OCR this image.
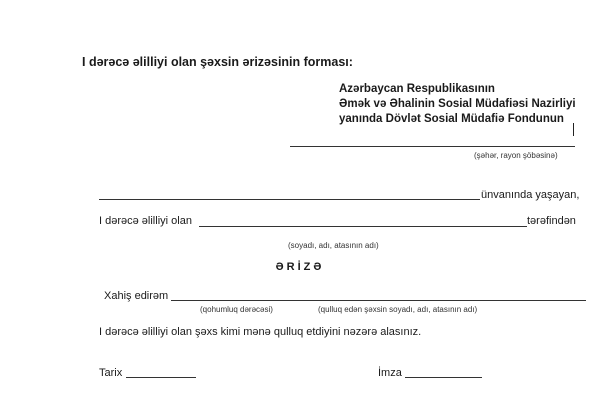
I dərəcə əlilliyi olan şəxsin ərizəsinin forması:
Azərbaycan Respublikasının
Əmək və Əhalinin Sosial Müdafiəsi Nazirliyi
yanında Dövlət Sosial Müdafiə Fondunun
(şəhər, rayon şöbəsinə)
ünvanında yaşayan,
I dərəcə əlilliyi olan	tərəfindən
(soyadı, adı, atasının adı)
ƏRİZƏ
Xahiş edirəm
(qohumluq dərəcəsi)	(qulluq edən şəxsin soyadı, adı, atasının adı)
I dərəcə əlilliyi olan şəxs kimi mənə qulluq etdiyini nəzərə alasınız.
Tarix	İmza
